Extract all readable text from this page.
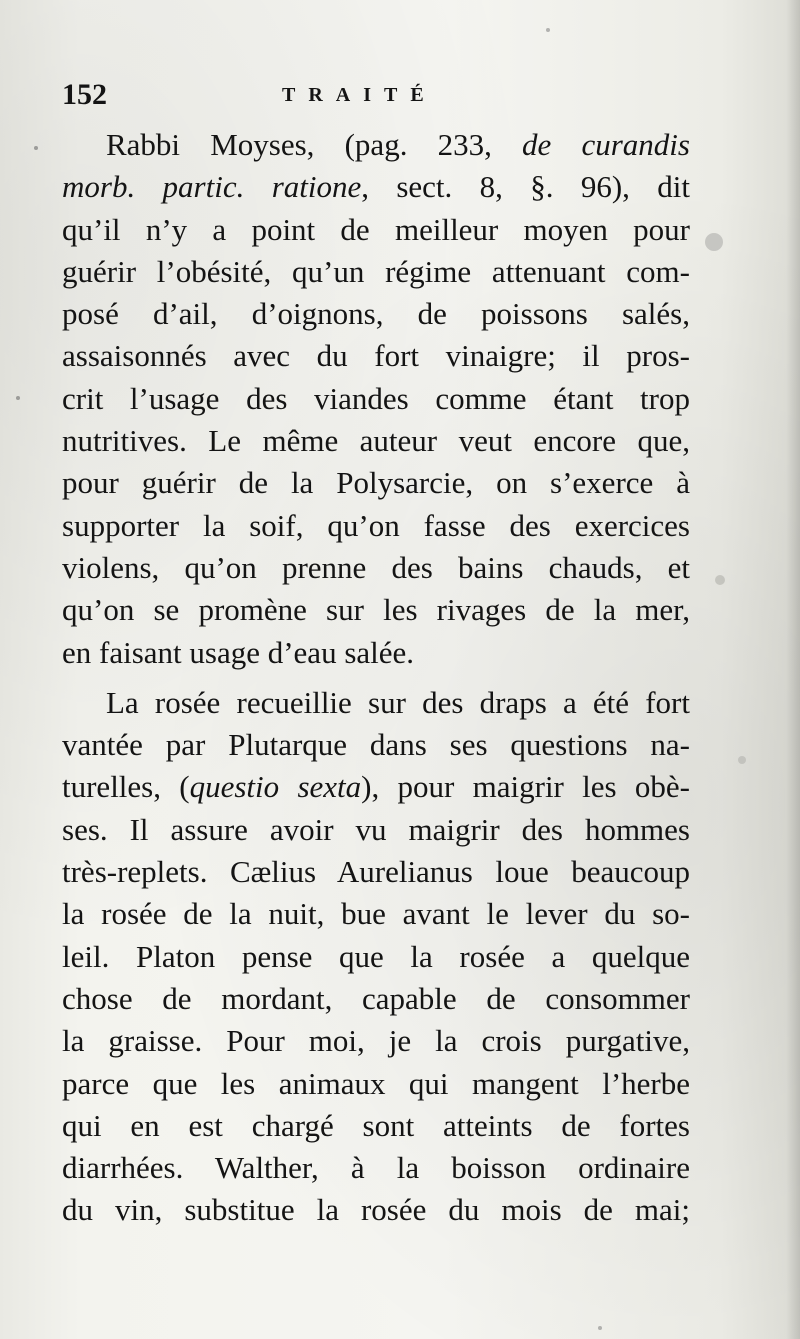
152	TRAITÉ
Rabbi Moyses, (pag. 233, de curandis
morb. partic. ratione, sect. 8, §. 96), dit
qu’il n’y a point de meilleur moyen pour
guérir l’obésité, qu’un régime attenuant com-
posé d’ail, d’oignons, de poissons salés,
assaisonnés avec du fort vinaigre; il pros-
crit l’usage des viandes comme étant trop
nutritives. Le même auteur veut encore que,
pour guérir de la Polysarcie, on s’exerce à
supporter la soif, qu’on fasse des exercices
violens, qu’on prenne des bains chauds, et
qu’on se promène sur les rivages de la mer,
en faisant usage d’eau salée.
La rosée recueillie sur des draps a été fort
vantée par Plutarque dans ses questions na-
turelles, (questio sexta), pour maigrir les obè-
ses. Il assure avoir vu maigrir des hommes
très-replets. Cælius Aurelianus loue beaucoup
la rosée de la nuit, bue avant le lever du so-
leil. Platon pense que la rosée a quelque
chose de mordant, capable de consommer
la graisse. Pour moi, je la crois purgative,
parce que les animaux qui mangent l’herbe
qui en est chargé sont atteints de fortes
diarrhées. Walther, à la boisson ordinaire
du vin, substitue la rosée du mois de mai;
